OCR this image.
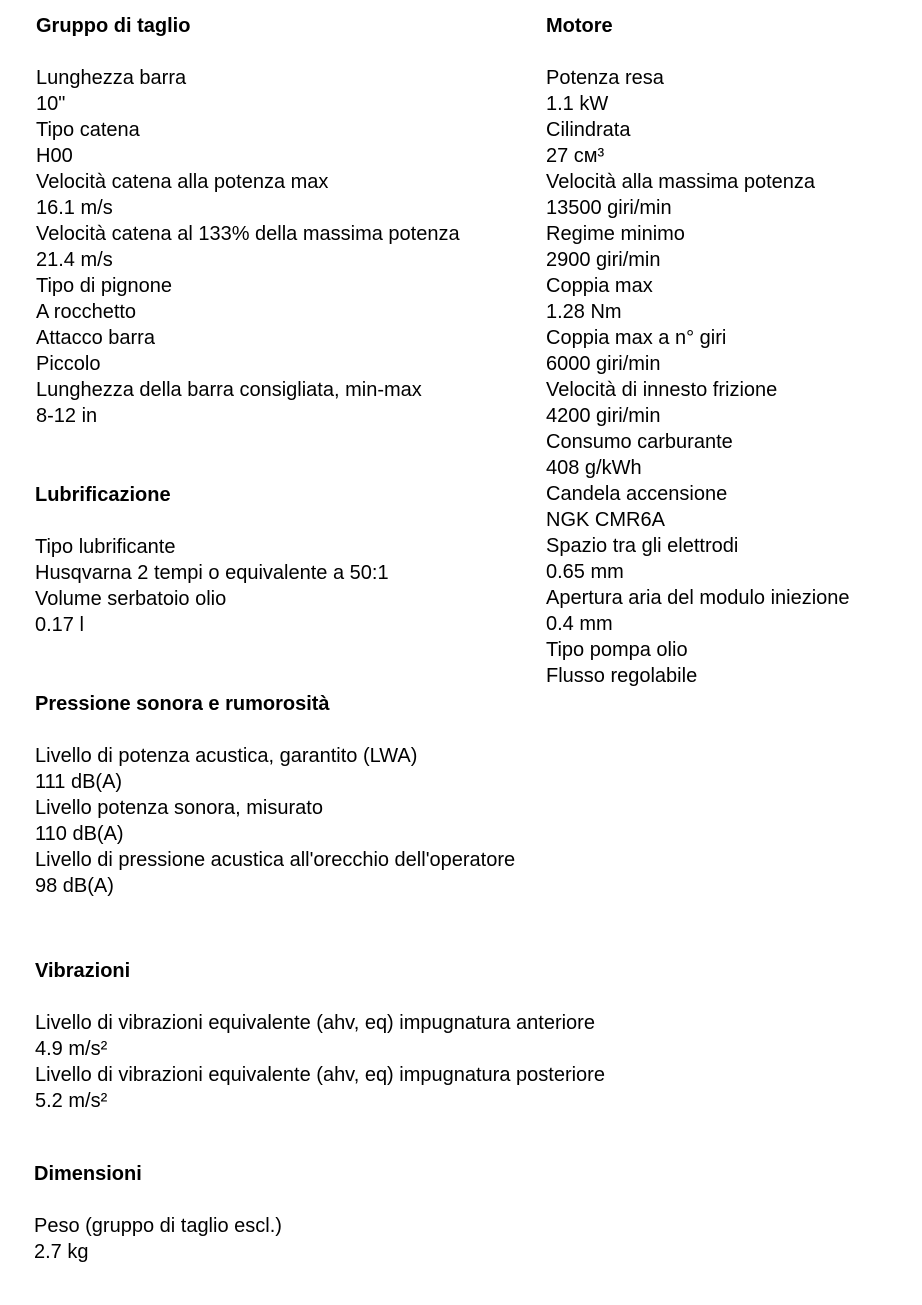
Gruppo di taglio
Lunghezza barra
10"
Tipo catena
H00
Velocità catena alla potenza max
16.1 m/s
Velocità catena al 133% della massima potenza
21.4 m/s
Tipo di pignone
A rocchetto
Attacco barra
Piccolo
Lunghezza della barra consigliata, min-max
8-12 in
Motore
Potenza resa
1.1 kW
Cilindrata
27 cм³
Velocità alla massima potenza
13500 giri/min
Regime minimo
2900 giri/min
Coppia max
1.28 Nm
Coppia max a n° giri
6000 giri/min
Velocità di innesto frizione
4200 giri/min
Consumo carburante
408 g/kWh
Candela accensione
NGK CMR6A
Spazio tra gli elettrodi
0.65 mm
Apertura aria del modulo iniezione
0.4 mm
Tipo pompa olio
Flusso regolabile
Lubrificazione
Tipo lubrificante
Husqvarna 2 tempi o equivalente a 50:1
Volume serbatoio olio
0.17 l
Pressione sonora e rumorosità
Livello di potenza acustica, garantito (LWA)
111 dB(A)
Livello potenza sonora, misurato
110 dB(A)
Livello di pressione acustica all'orecchio dell'operatore
98 dB(A)
Vibrazioni
Livello di vibrazioni equivalente (ahv, eq) impugnatura anteriore
4.9 m/s²
Livello di vibrazioni equivalente (ahv, eq) impugnatura posteriore
5.2 m/s²
Dimensioni
Peso (gruppo di taglio escl.)
2.7 kg
